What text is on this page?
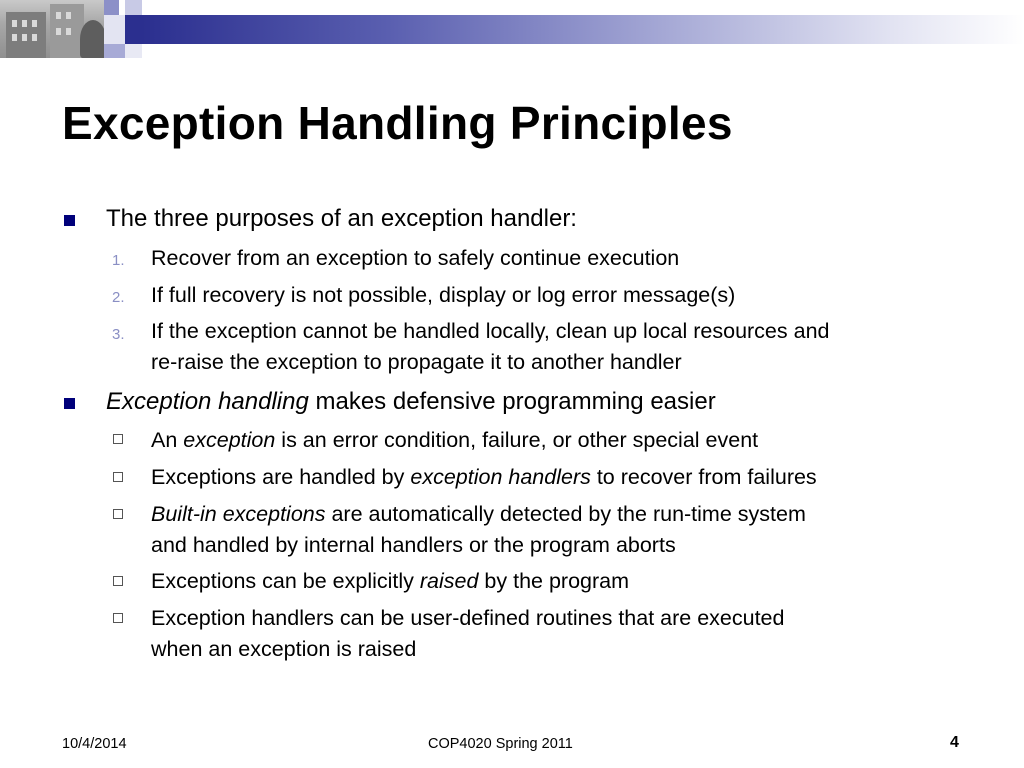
Exception Handling Principles
The three purposes of an exception handler:
1. Recover from an exception to safely continue execution
2. If full recovery is not possible, display or log error message(s)
3. If the exception cannot be handled locally, clean up local resources and
re-raise the exception to propagate it to another handler
Exception handling makes defensive programming easier
An exception is an error condition, failure, or other special event
Exceptions are handled by exception handlers to recover from failures
Built-in exceptions are automatically detected by the run-time system
and handled by internal handlers or the program aborts
Exceptions can be explicitly raised by the program
Exception handlers can be user-defined routines that are executed
when an exception is raised
10/4/2014	COP4020 Spring 2011	4
